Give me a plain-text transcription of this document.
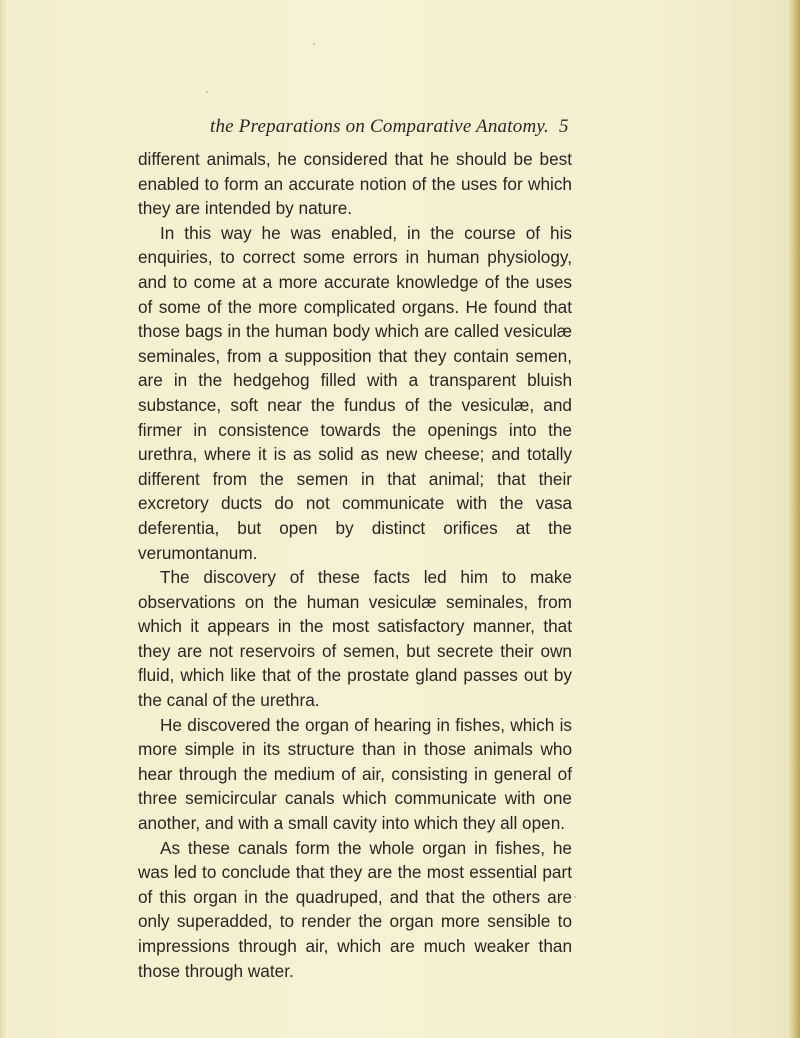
the Preparations on Comparative Anatomy. 5

different animals, he considered that he should be best enabled to form an accurate notion of the uses for which they are intended by nature.

In this way he was enabled, in the course of his enquiries, to correct some errors in human physiology, and to come at a more accurate knowledge of the uses of some of the more complicated organs. He found that those bags in the human body which are called vesiculæ seminales, from a supposition that they contain semen, are in the hedgehog filled with a transparent bluish substance, soft near the fundus of the vesiculæ, and firmer in consistence towards the openings into the urethra, where it is as solid as new cheese; and totally different from the semen in that animal; that their excretory ducts do not communicate with the vasa deferentia, but open by distinct orifices at the verumontanum.

The discovery of these facts led him to make observations on the human vesiculæ seminales, from which it appears in the most satisfactory manner, that they are not reservoirs of semen, but secrete their own fluid, which like that of the prostate gland passes out by the canal of the urethra.

He discovered the organ of hearing in fishes, which is more simple in its structure than in those animals who hear through the medium of air, consisting in general of three semicircular canals which communicate with one another, and with a small cavity into which they all open.

As these canals form the whole organ in fishes, he was led to conclude that they are the most essential part of this organ in the quadruped, and that the others are only superadded, to render the organ more sensible to impressions through air, which are much weaker than those through water.
